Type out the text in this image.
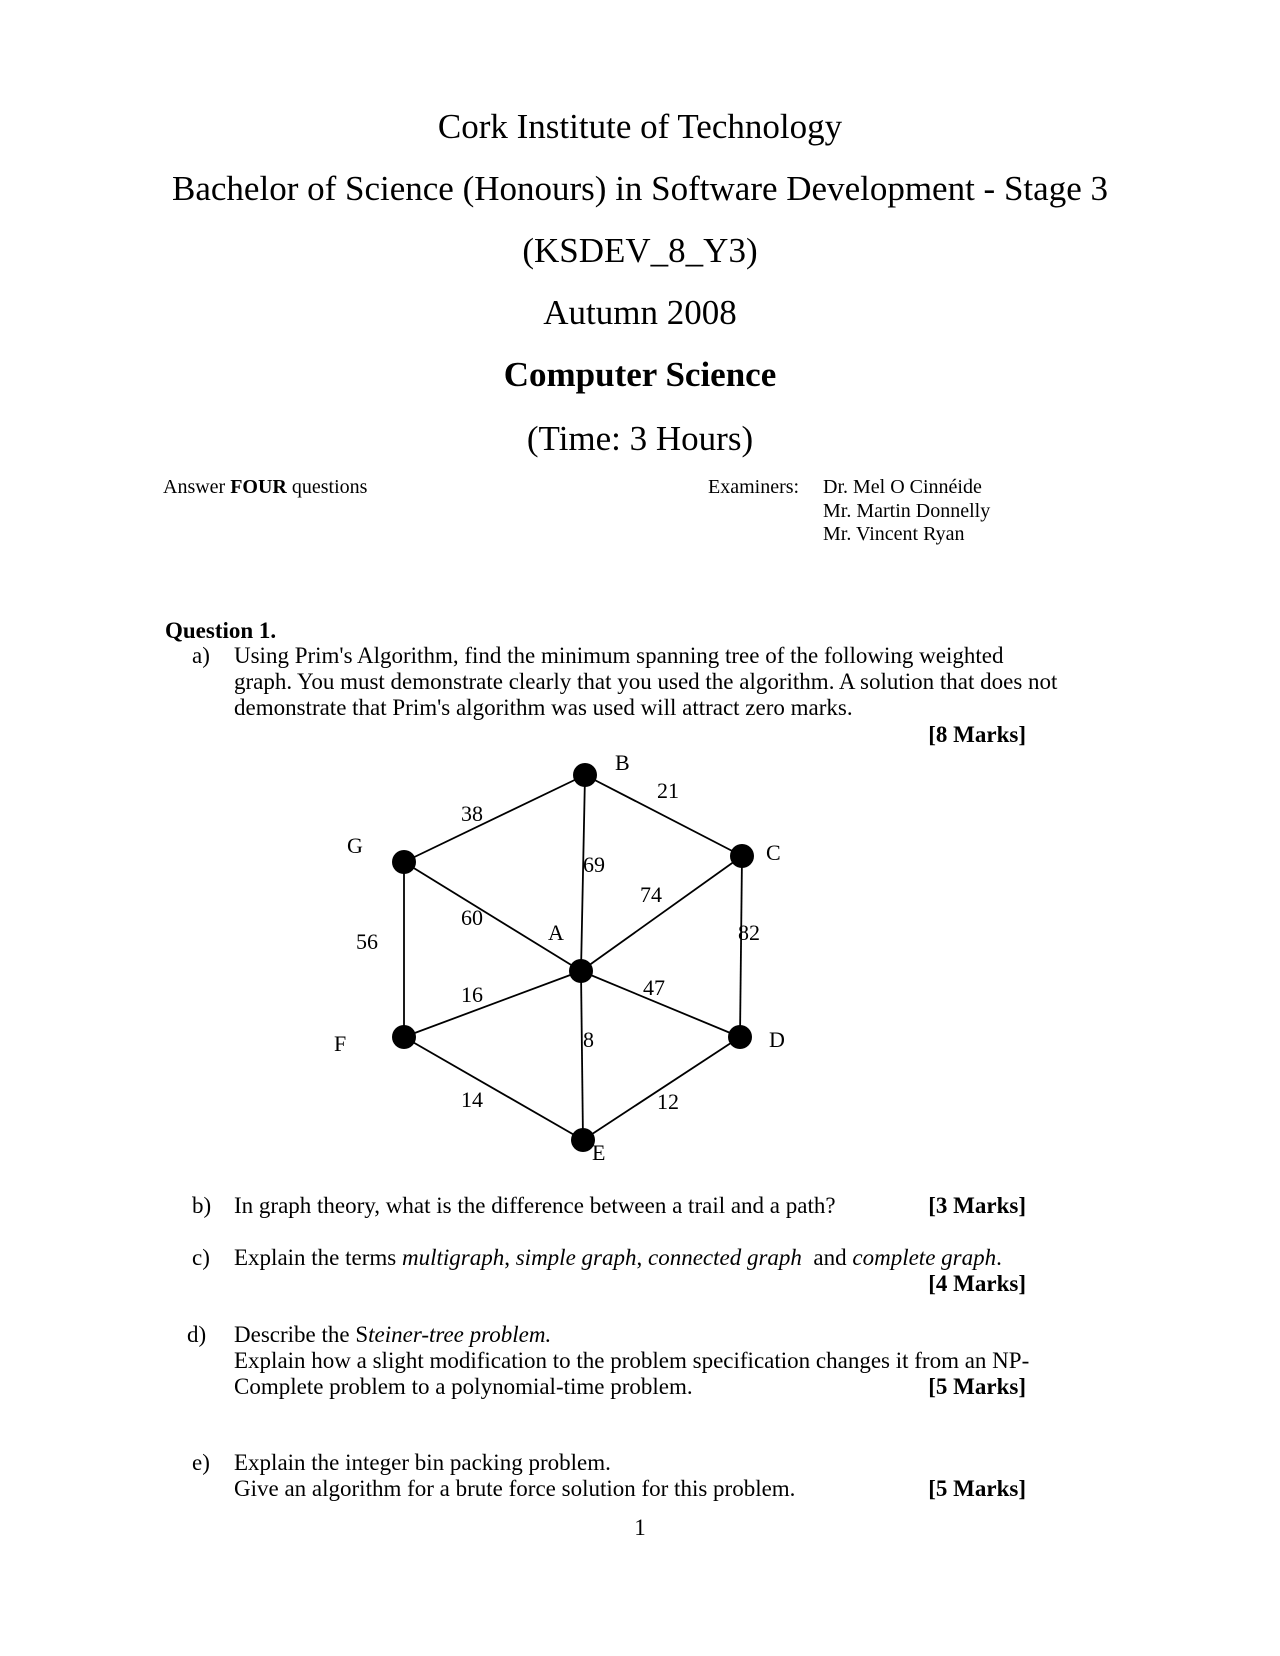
Cork Institute of Technology
Bachelor of Science (Honours) in Software Development - Stage 3
(KSDEV_8_Y3)
Autumn 2008
Computer Science
(Time: 3 Hours)
Answer FOUR questions	Examiners: Dr. Mel O Cinnéide
Mr. Martin Donnelly
Mr. Vincent Ryan
Question 1.
a) Using Prim's Algorithm, find the minimum spanning tree of the following weighted
graph. You must demonstrate clearly that you used the algorithm. A solution that does not
demonstrate that Prim's algorithm was used will attract zero marks.
[8 Marks]
B
C
G
A
F	D
E
38
21
69
74
82
60
56
16	47
8
14	12
b) In graph theory, what is the difference between a trail and a path?	[3 Marks]
c) Explain the terms multigraph, simple graph, connected graph  and complete graph.
[4 Marks]
d) Describe the Steiner-tree problem.
Explain how a slight modification to the problem specification changes it from an NP-
Complete problem to a polynomial-time problem.	[5 Marks]
e) Explain the integer bin packing problem.
Give an algorithm for a brute force solution for this problem.	[5 Marks]
1
